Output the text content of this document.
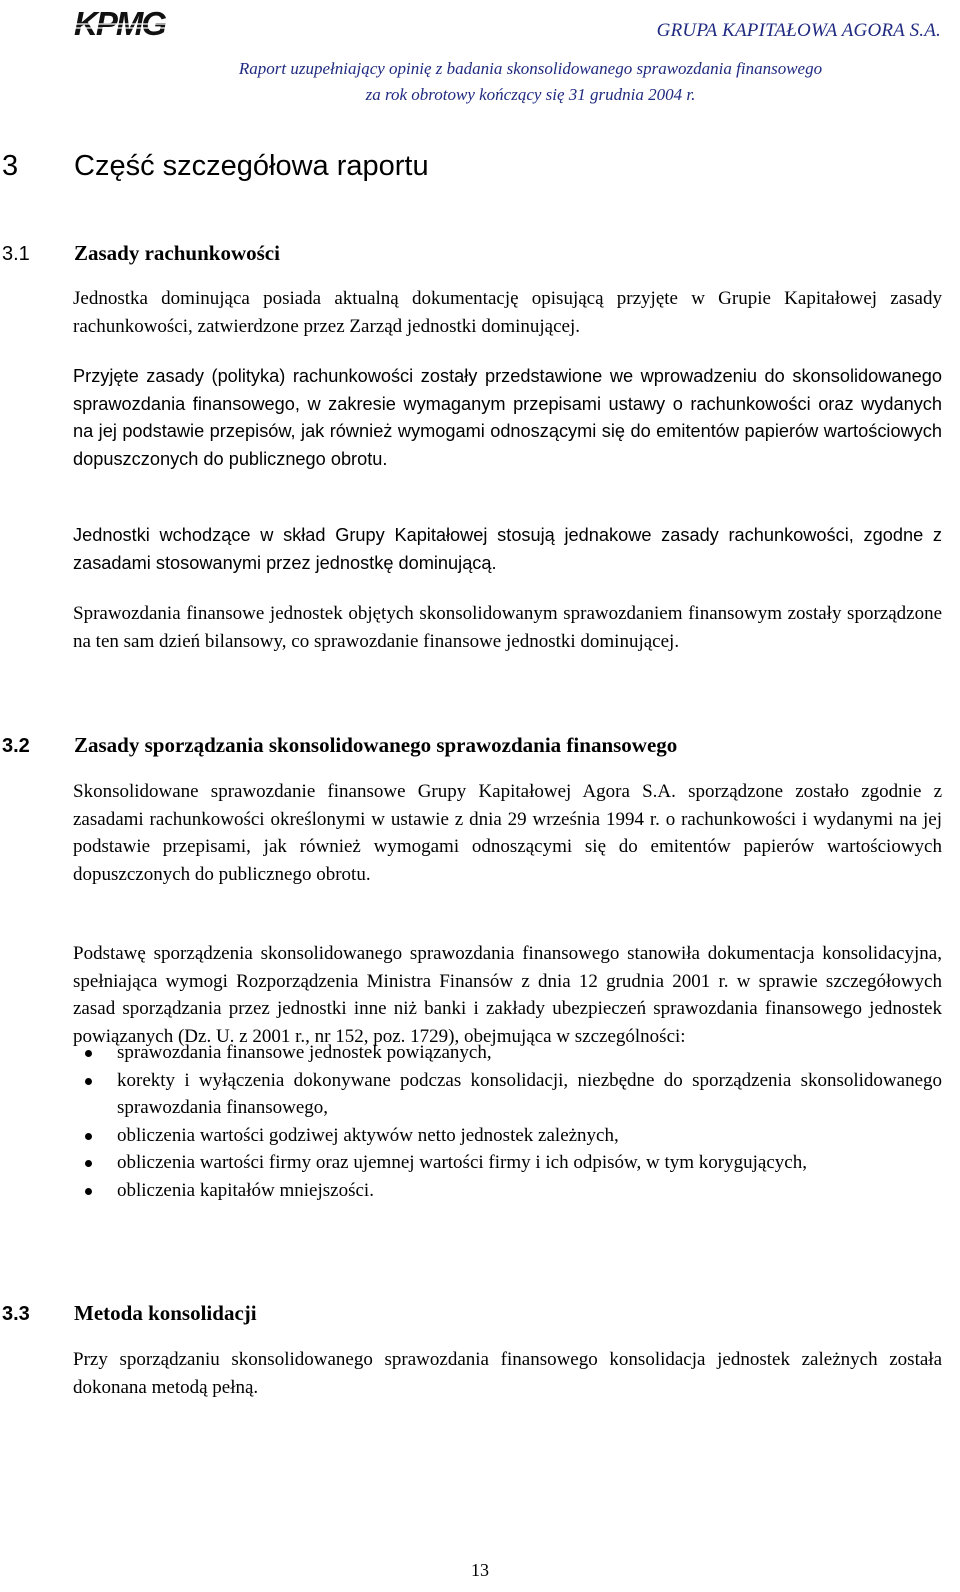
KPMG	GRUPA KAPITAŁOWA AGORA S.A.
Raport uzupełniający opinię z badania skonsolidowanego sprawozdania finansowego
za rok obrotowy kończący się 31 grudnia 2004 r.
3 Część szczegółowa raportu
3.1 Zasady rachunkowości
Jednostka dominująca posiada aktualną dokumentację opisującą przyjęte w Grupie Kapitałowej zasady rachunkowości, zatwierdzone przez Zarząd jednostki dominującej.
Przyjęte zasady (polityka) rachunkowości zostały przedstawione we wprowadzeniu do skonsolidowanego sprawozdania finansowego, w zakresie wymaganym przepisami ustawy o rachunkowości oraz wydanych na jej podstawie przepisów, jak również wymogami odnoszącymi się do emitentów papierów wartościowych dopuszczonych do publicznego obrotu.
Jednostki wchodzące w skład Grupy Kapitałowej stosują jednakowe zasady rachunkowości, zgodne z zasadami stosowanymi przez jednostkę dominującą.
Sprawozdania finansowe jednostek objętych skonsolidowanym sprawozdaniem finansowym zostały sporządzone na ten sam dzień bilansowy, co sprawozdanie finansowe jednostki dominującej.
3.2 Zasady sporządzania skonsolidowanego sprawozdania finansowego
Skonsolidowane sprawozdanie finansowe Grupy Kapitałowej Agora S.A. sporządzone zostało zgodnie z zasadami rachunkowości określonymi w ustawie z dnia 29 września 1994 r. o rachunkowości i wydanymi na jej podstawie przepisami, jak również wymogami odnoszącymi się do emitentów papierów wartościowych dopuszczonych do publicznego obrotu.
Podstawę sporządzenia skonsolidowanego sprawozdania finansowego stanowiła dokumentacja konsolidacyjna, spełniająca wymogi Rozporządzenia Ministra Finansów z dnia 12 grudnia 2001 r. w sprawie szczegółowych zasad sporządzania przez jednostki inne niż banki i zakłady ubezpieczeń sprawozdania finansowego jednostek powiązanych (Dz. U. z 2001 r., nr 152, poz. 1729), obejmująca w szczególności:
sprawozdania finansowe jednostek powiązanych,
korekty i wyłączenia dokonywane podczas konsolidacji, niezbędne do sporządzenia skonsolidowanego sprawozdania finansowego,
obliczenia wartości godziwej aktywów netto jednostek zależnych,
obliczenia wartości firmy oraz ujemnej wartości firmy i ich odpisów, w tym korygujących,
obliczenia kapitałów mniejszości.
3.3 Metoda konsolidacji
Przy sporządzaniu skonsolidowanego sprawozdania finansowego konsolidacja jednostek zależnych została dokonana metodą pełną.
13
